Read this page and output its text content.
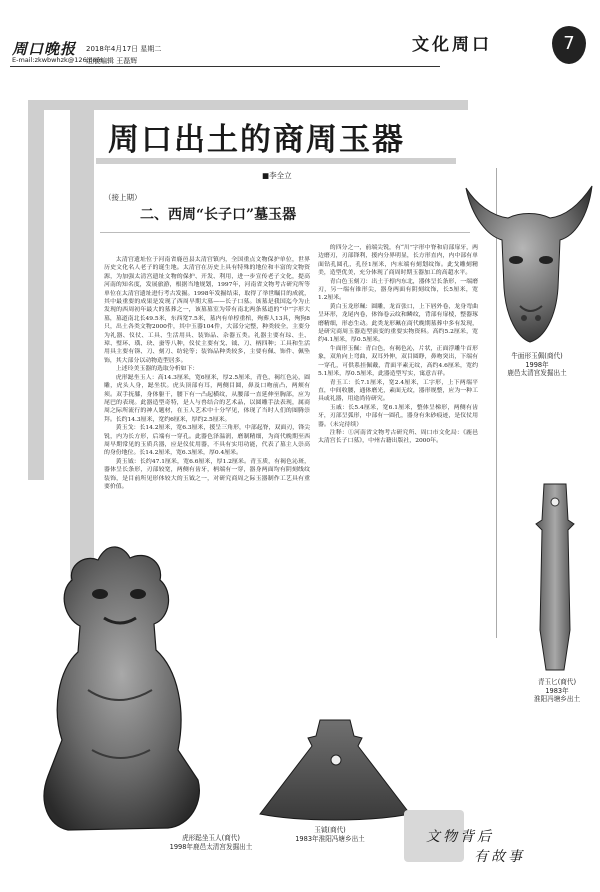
周口晚报 2018年4月17日 星期二
E-mail:zkwbwhzk@126.com
组版编辑 王磊辉
文化周口	7
周口出土的商周玉器
■李全立
（接上期）
二、西周“长子口”墓玉器

太清宫遗址位于河南省鹿邑县太清宫镇内，全国重点文物保护单位，世界历史文化名人老子的诞生地。太清宫在历史上具有特殊的地位和丰富的文物资源，为加强太清宫遗址文物的保护、开发、利用，进一步宣传老子文化，提高河南的知名度，发展旅游，根据当地规划，1997年，河南省文物考古研究所等单位在太清宫遗址进行考古发掘。1998年发掘结束，取得了举世瞩目的成就，其中最重要的成果是发现了西周早期大墓——长子口墓。该墓是我国迄今为止发现的西周初年最大的墓葬之一，该墓墓室为带有南北两条墓道的“中”字形大墓，墓道南北长49.5米，东西宽7.5米，墓内有单椁重棺，殉葬人13具，殉狗8只，出土各类文物2000件，其中玉器104件，大部分完整，种类较全，主要分为礼器、仪仗、工具、生活用具、装饰品、杂器五类。礼器主要有琮、圭、璋、璧环、璜、玦、蚕等八种，仪仗主要有戈、钺、刀、柄四种；工具和生活用具主要有锛、刀、刻刀、纺轮等；装饰品种类较多，主要有佩、饰件、佩坠饰，其大部分以动物造型居多。

上述玲美玉器的选取分析如下：

虎形跽坐玉人：高14.3厘米，宽6厘米，厚2.5厘米，青色，褐红色沁，圆雕，虎头人身，跽坐状。虎头顶部有耳，两侧目圆，鼻及口吻前凸，两颊有须。双手抚膝，身体躯干，腰下有一凸起横纹，从腰部一直延伸至胸部，应为尾巴的表现。此器造型奇特，是人与兽结合的艺术品，以圆雕手法表现，属商周之际所流行的神人题材，在玉人艺术中十分罕见，体现了当时人们的图腾崇拜。长约14.3厘米，宽约6厘米，厚约2.5厘米。

黄玉戈：长14.2厘米，宽6.3厘米，援呈三角形，中部起脊，双面刃，锋尖锐，内为长方形，后端有一穿孔。此器色泽温润，磨制精细，为商代晚期至西周早期常见的玉质兵器，应是仪仗用器，不具有实用功能，代表了墓主人崇高的身份地位。长14.2厘米，宽6.3厘米，厚0.4厘米。

黄玉钺：长约47.1厘米，宽6.6厘米，厚1.2厘米。青玉质，有褐色沁斑，器体呈长条形，刃部较宽，两侧有齿牙，柄端有一穿，器身两面均有阴刻线纹装饰，是目前所见形体较大的玉钺之一，对研究商周之际玉器制作工艺具有重要价值。

的四分之一，前端尖锐，有“川”字形中脊和肩部扉牙，两边磨刃，刃部锋利，援内分界明显，长方形直内，内中部有单面钻孔圆孔，孔径1厘米，内末端有刻划纹饰。此戈雕刻精美，造型优美，充分体现了商周时期玉器加工的高超水平。

青白色玉刻刀：出土于椁内东北，器体呈长条形，一端磨刃，另一端有锥形尖，器身两面有阴刻纹饰，长5厘米，宽1.2厘米。

黄白玉龙形珮：圆雕，龙首张口，上下唇外卷，龙身弯曲呈环形，龙尾内卷，体饰卷云纹和鳞纹，背部有扉棱，整器琢磨精细，形态生动。此类龙形珮在商代晚期墓葬中多有发现，是研究商周玉器造型演变的重要实物资料。高约5.2厘米，宽约4.1厘米，厚0.5厘米。

牛面形玉佩：青白色，有褐色沁，片状，正面浮雕牛首形象，双角向上弯曲，双耳外伸，双目圆睁，鼻吻突出，下端有一穿孔，可供系挂佩戴，背面平素无纹，高约4.6厘米，宽约5.1厘米，厚0.5厘米，此器造型写实，寓意吉祥。

青玉工：长7.1厘米，宽2.4厘米，工字形，上下两端平直，中间收腰，通体磨光，素面无纹，器形规整，应为一种工具或礼器，用途尚待研究。

玉戚：长5.4厘米，宽6.1厘米，整体呈梯形，两侧有齿牙，刃部呈弧形，中部有一圆孔，器身有朱砂痕迹，是仪仗用器。（未完待续）

注释：①河南省文物考古研究所、周口市文化局：《鹿邑太清宫长子口墓》，中州古籍出版社，2000年。

牛面形玉佩(商代)
1998年
鹿邑太清宫发掘出土
青玉匕(商代)
1983年
淮阳冯塘乡出土
虎形跽坐玉人(商代)
1998年鹿邑太清宫发掘出土
玉钺(商代)
1983年淮阳冯塘乡出土	文物背后
有故事
